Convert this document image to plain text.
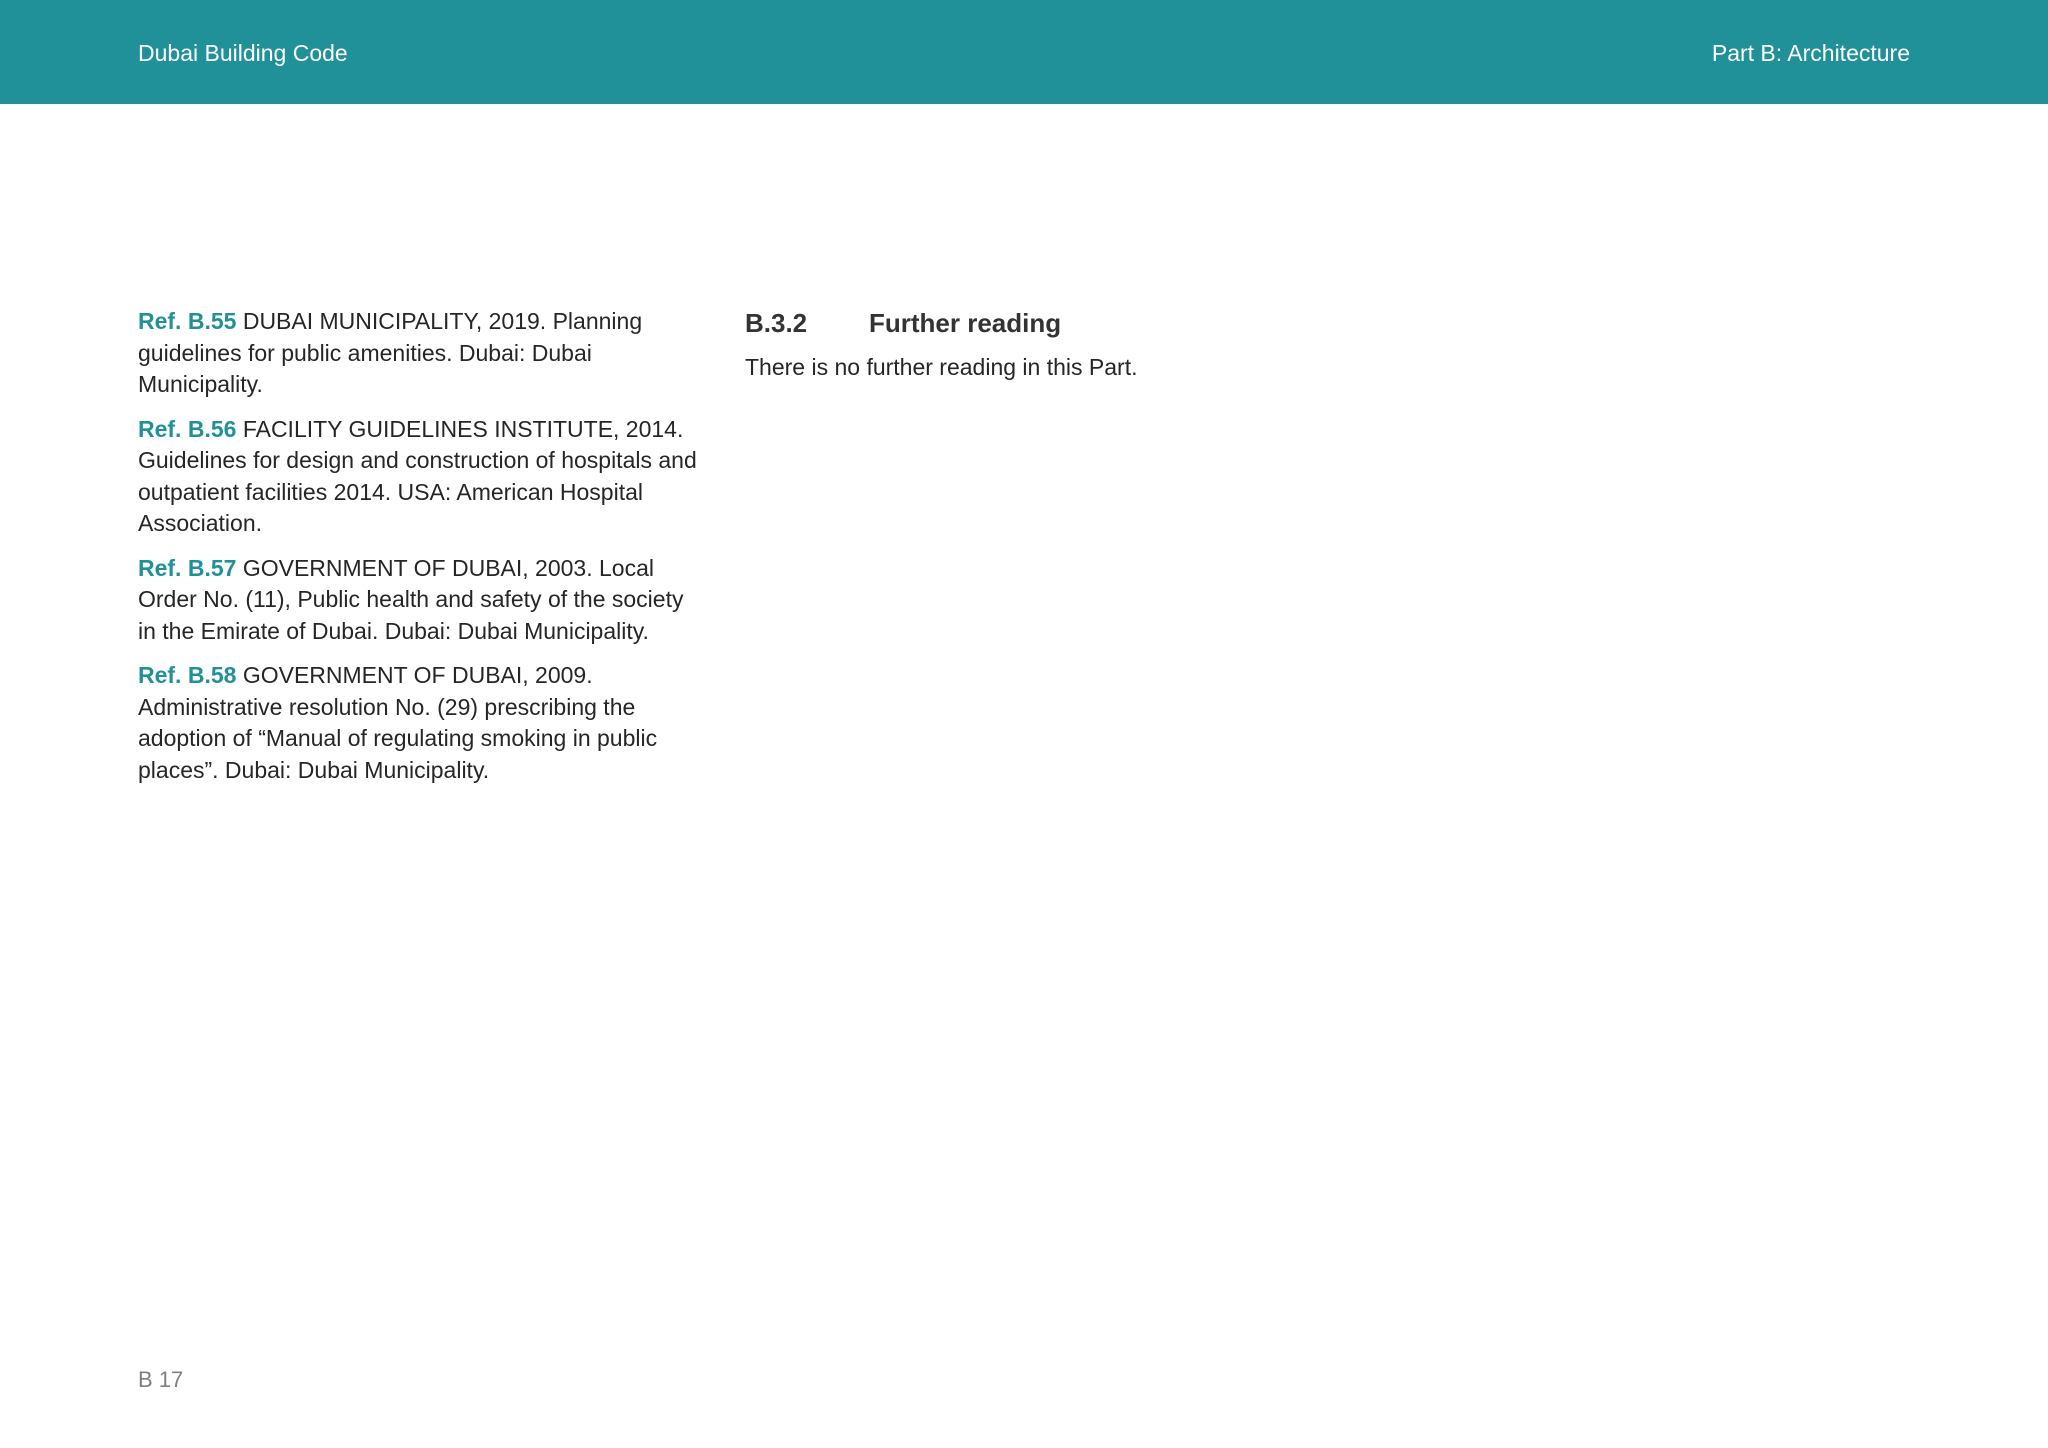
Dubai Building Code	Part B: Architecture

Ref. B.55 DUBAI MUNICIPALITY, 2019. Planning guidelines for public amenities. Dubai: Dubai Municipality.

Ref. B.56 FACILITY GUIDELINES INSTITUTE, 2014. Guidelines for design and construction of hospitals and outpatient facilities 2014. USA: American Hospital Association.

Ref. B.57 GOVERNMENT OF DUBAI, 2003. Local Order No. (11), Public health and safety of the society in the Emirate of Dubai. Dubai: Dubai Municipality.

Ref. B.58 GOVERNMENT OF DUBAI, 2009. Administrative resolution No. (29) prescribing the adoption of “Manual of regulating smoking in public places”. Dubai: Dubai Municipality.

B.3.2 Further reading
There is no further reading in this Part.
B 17
